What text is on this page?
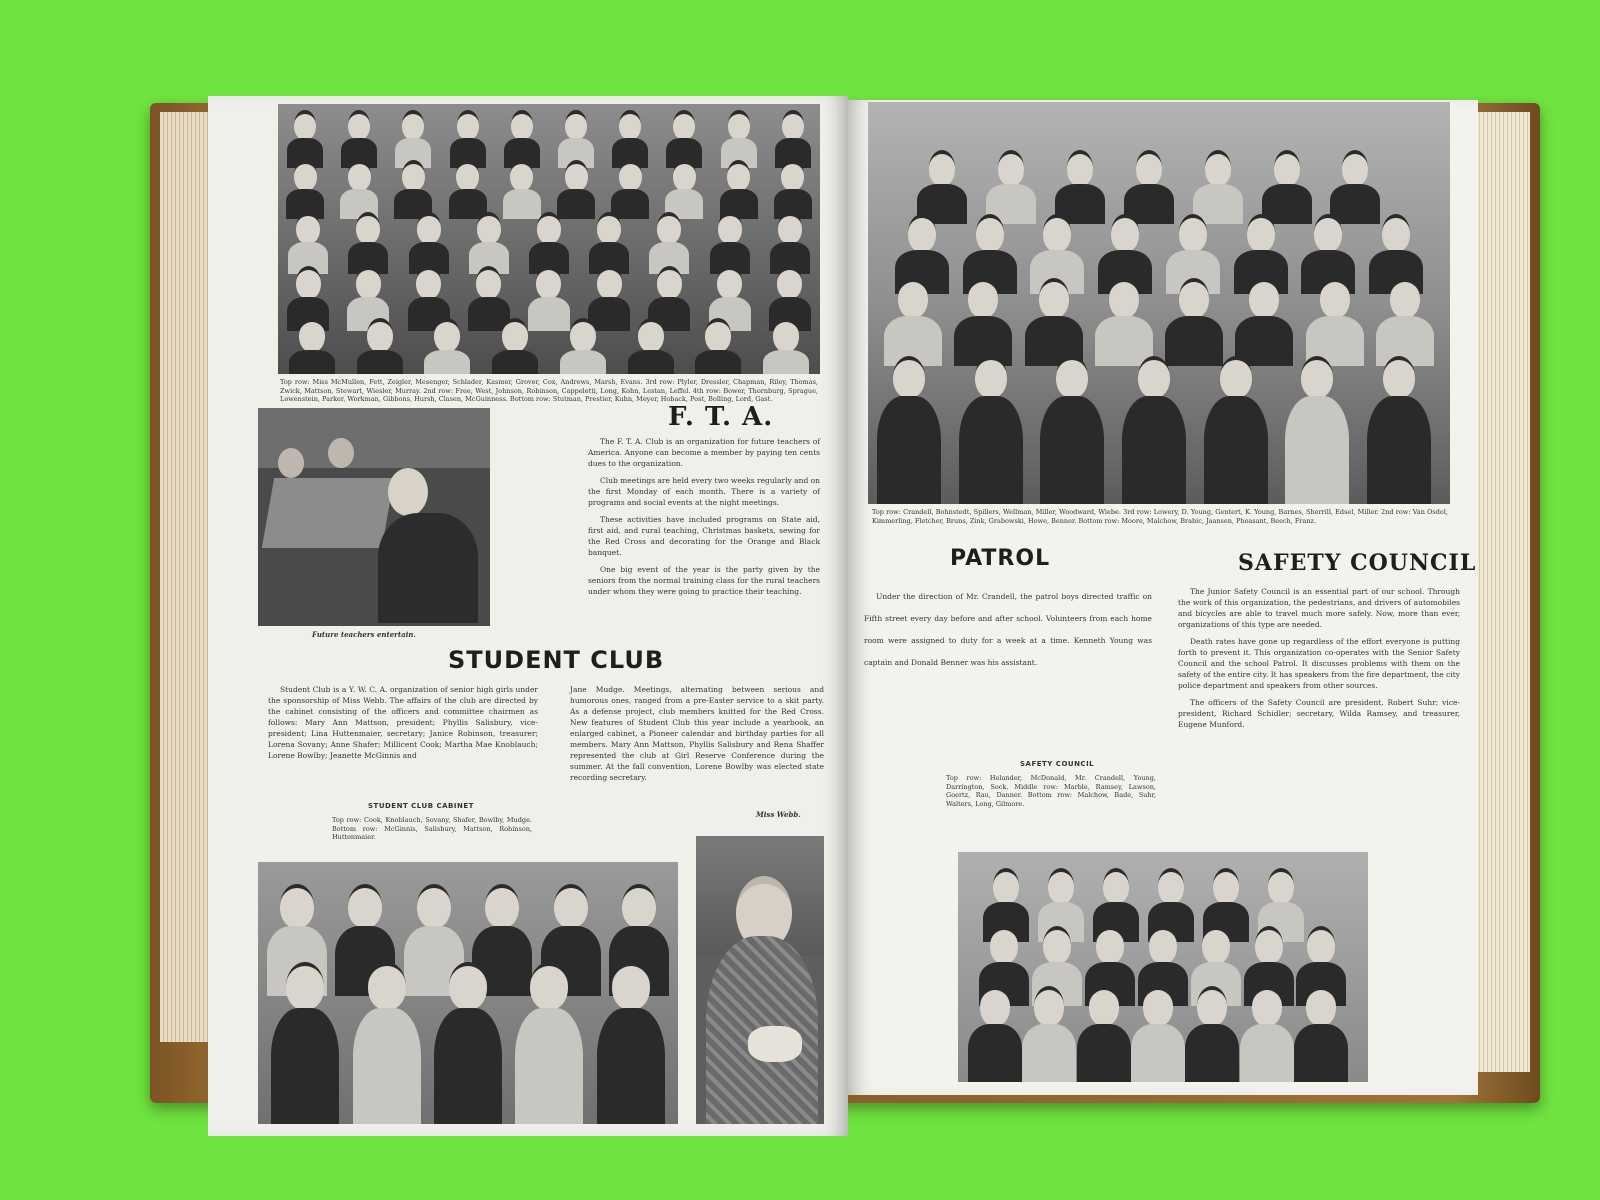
Top row: Miss McMullen, Fett, Zeigler, Mesenger, Schlader, Kasmer, Grover, Cox, Andrews, Marsh, Evans. 3rd row: Plyler, Dressler, Chapman, Riley, Thomas, Zwick, Mattson, Stewart, Wiesler, Murray. 2nd row: Free, West, Johnson, Robinson, Cappeletti, Long, Kohn, Lestan, Leffel. 4th row: Bower, Thornburg, Sprague, Lowenstein, Parker, Workman, Gibbons, Hursh, Clasen, McGuinness. Bottom row: Stutman, Prestier, Kuhn, Meyer, Hoback, Post, Bolling, Lord, Gast.
Future teachers entertain.
F. T. A.

The F. T. A. Club is an organization for future teachers of America. Anyone can become a member by paying ten cents dues to the organization.

Club meetings are held every two weeks regularly and on the first Monday of each month. There is a variety of programs and social events at the night meetings.

These activities have included programs on State aid, first aid, and rural teaching, Christmas baskets, sewing for the Red Cross and decorating for the Orange and Black banquet.

One big event of the year is the party given by the seniors from the normal training class for the rural teachers under whom they were going to practice their teaching.

STUDENT CLUB

Student Club is a Y. W. C. A. organization of senior high girls under the sponsorship of Miss Webb. The affairs of the club are directed by the cabinet consisting of the officers and committee chairmen as follows: Mary Ann Mattson, president; Phyllis Salisbury, vice-president; Lina Huttenmaier, secretary; Janice Robinson, treasurer; Lorena Sovany; Anne Shafer; Millicent Cook; Martha Mae Knoblauch; Lorene Bowlby; Jeanette McGinnis and

Jane Mudge. Meetings, alternating between serious and humorous ones, ranged from a pre-Easter service to a skit party. As a defense project, club members knitted for the Red Cross. New features of Student Club this year include a yearbook, an enlarged cabinet, a Pioneer calendar and birthday parties for all members. Mary Ann Mattson, Phyllis Salisbury and Rena Shaffer represented the club at Girl Reserve Conference during the summer. At the fall convention, Lorene Bowlby was elected state recording secretary.

STUDENT CLUB CABINET
Top row: Cook, Knoblauch, Sovany, Shafer, Bowlby, Mudge. Bottom row: McGinnis, Salisbury, Mattson, Robinson, Huttenmaier.
Miss Webb.
Top row: Crandell, Bohnstedt, Spillers, Wellman, Miller, Woodward, Wiebe. 3rd row: Lowery, D. Young, Gentert, K. Young, Barnes, Sherrill, Edsel, Miller. 2nd row: Van Osdol, Kimmerling, Fletcher, Bruns, Zink, Grabowski, Howe, Benner. Bottom row: Moore, Malchow, Brabic, Jaansen, Pheasant, Beech, Franz.
PATROL

Under the direction of Mr. Crandell, the patrol boys directed traffic on Fifth street every day before and after school. Volunteers from each home room were assigned to duty for a week at a time. Kenneth Young was captain and Donald Benner was his assistant.

SAFETY COUNCIL

The Junior Safety Council is an essential part of our school. Through the work of this organization, the pedestrians, and drivers of automobiles and bicycles are able to travel much more safely. Now, more than ever, organizations of this type are needed.

Death rates have gone up regardless of the effort everyone is putting forth to prevent it. This organization co-operates with the Senior Safety Council and the school Patrol. It discusses problems with them on the safety of the entire city. It has speakers from the fire department, the city police department and speakers from other sources.

The officers of the Safety Council are president, Robert Suhr; vice-president, Richard Schidler; secretary, Wilda Ramsey, and treasurer, Eugene Munford.

SAFETY COUNCIL
Top row: Helander, McDonald, Mr. Crandell, Young, Darrington, Sock. Middle row: Marble, Ramsey, Lawson, Goertz, Rau, Danner. Bottom row: Malchow, Bade, Suhr, Walters, Long, Gilmore.
